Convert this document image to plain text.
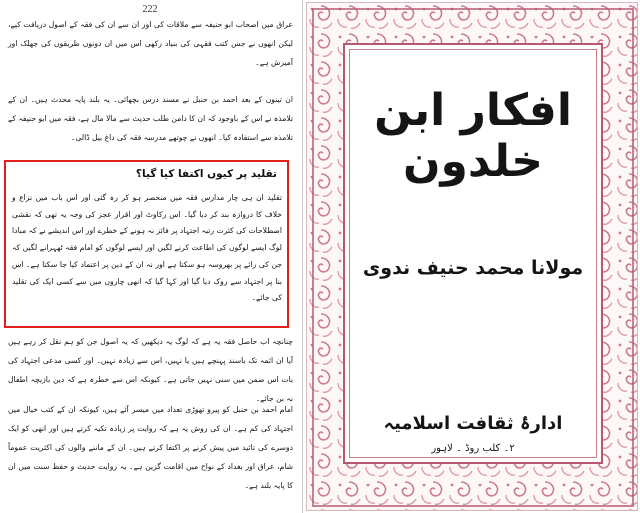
222

عراق میں اصحاب ابو حنیفہ سے ملاقات کی اور ان سے ان کی فقہ کے اصول دریافت کیے، لیکن انھوں نے جس کتب فقہی کی بنیاد رکھی اس میں ان دونوں طریقوں کی جھلک اور آمیزش ہے۔

ان تینوں کے بعد احمد بن حنبل نے مسند درس بچھائی۔ یہ بلند پایہ محدث ہیں۔ ان کے تلامذہ نے اس کے باوجود کہ ان کا دامن طلب حدیث سے مالا مال ہے، فقہ میں ابو حنیفہ کے تلامذہ سے استفادہ کیا۔ انھوں نے چوتھے مدرسہ فقہ کی داغ بیل ڈالی۔

تقلید پر کیوں اکتفا کیا گیا؟

تقلید ان ہی چار مدارس فقہ میں منحصر ہو کر رہ گئی اور اس باب میں نزاع و خلاف کا دروازہ بند کر دیا گیا۔ اس رکاوٹ اور اقرار عجز کی وجہ یہ تھی کہ نقشی اصطلاحات کی کثرت رتبہ اجتہاد پر فائز نہ ہونے کے خطرے اور اس اندیشے نے کہ مبادا لوگ ایسے لوگوں کی اطاعت کرنے لگیں اور ایسے لوگوں کو امام فقہ ٹھہرانے لگیں کہ جن کی رائے پر بھروسہ ہو سکتا ہے اور نہ ان کے دین پر اعتماد کیا جا سکتا ہے۔ اس بنا پر اجتہاد سے روک دیا گیا اور کہا گیا کہ انھی چاروں میں سے کسی ایک کی تقلید کی جائے۔

چنانچہ اب حاصل فقہ یہ ہے کہ لوگ یہ دیکھیں کہ یہ اصول جن کو ہم نقل کر رہے ہیں آیا ان ائمہ تک باسند پہنچے ہیں یا نہیں، اس سے زیادہ نہیں۔ اور کسی مدعی اجتہاد کی بات اس ضمن میں سنی نہیں جاتی ہے۔ کیونکہ اس سے خطرہ ہے کہ دین بازیچہ اطفال نہ بن جائے۔

امام احمد بن حنبل کو پیرو تھوڑی تعداد میں میسر آئے ہیں، کیونکہ ان کے کتب خیال میں اجتہاد کی کم ہے۔ ان کی روش یہ ہے کہ روایت پر زیادہ تکیہ کرتے ہیں اور انھی کو ایک دوسرے کی تائید میں پیش کرنے پر اکتفا کرتے ہیں۔ ان کے ماننے والوں کی اکثریت عموماً شام، عراق اور بغداد کے نواح میں اقامت گزین ہے۔ یہ روایت حدیث و حفظ سنت میں ان کا پایہ بلند ہے۔

افکار ابن خلدون
مولانا محمد حنیف ندوی
ادارۂ ثقافت اسلامیہ
۲۔ کلب روڈ ۔ لاہور
